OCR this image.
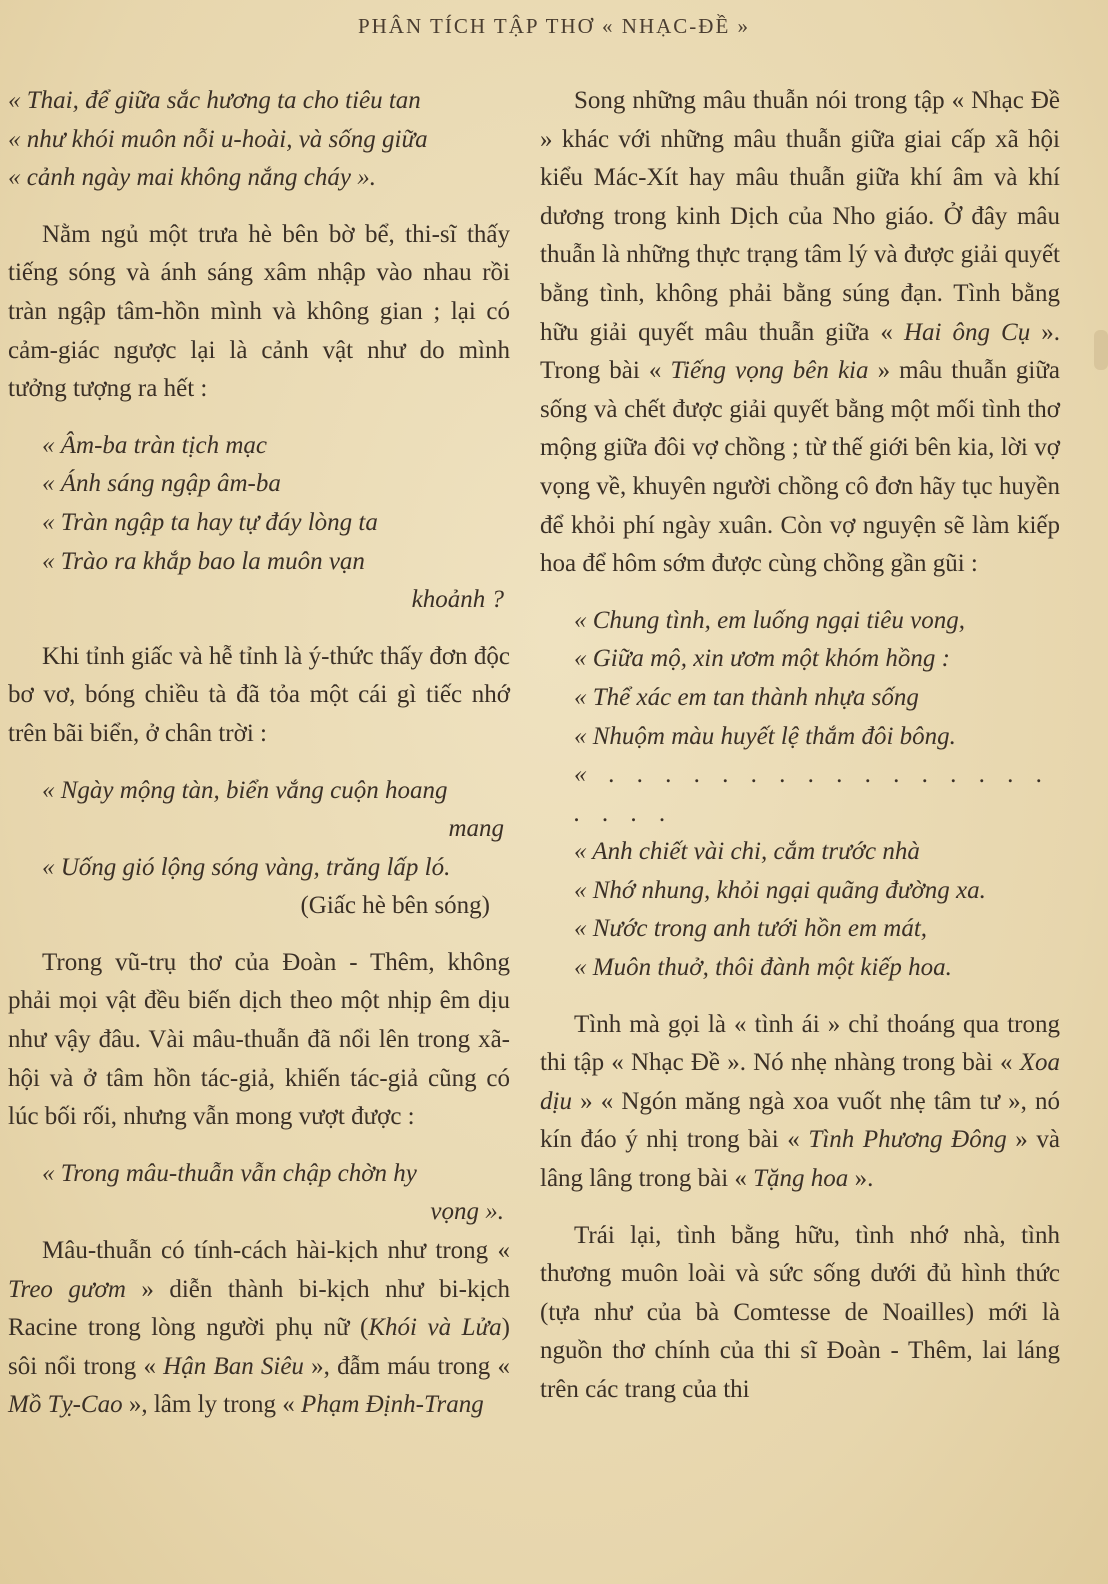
PHÂN TÍCH TẬP THƠ « NHẠC-ĐỀ »
« Thai, để giữa sắc hương ta cho tiêu tan
« như khói muôn nỗi u-hoài, và sống giữa
« cảnh ngày mai không nắng cháy ».

Nằm ngủ một trưa hè bên bờ bể, thi-sĩ thấy tiếng sóng và ánh sáng xâm nhập vào nhau rồi tràn ngập tâm-hồn mình và không gian ; lại có cảm-giác ngược lại là cảnh vật như do mình tưởng tượng ra hết :

« Âm-ba tràn tịch mạc
« Ánh sáng ngập âm-ba
« Tràn ngập ta hay tự đáy lòng ta
« Trào ra khắp bao la muôn vạn
khoảnh ?

Khi tỉnh giấc và hễ tỉnh là ý-thức thấy đơn độc bơ vơ, bóng chiều tà đã tỏa một cái gì tiếc nhớ trên bãi biển, ở chân trời :

« Ngày mộng tàn, biển vắng cuộn hoang
mang
« Uống gió lộng sóng vàng, trăng lấp ló.

(Giấc hè bên sóng)

Trong vũ-trụ thơ của Đoàn - Thêm, không phải mọi vật đều biến dịch theo một nhịp êm dịu như vậy đâu. Vài mâu-thuẫn đã nổi lên trong xã-hội và ở tâm hồn tác-giả, khiến tác-giả cũng có lúc bối rối, nhưng vẫn mong vượt được :

« Trong mâu-thuẫn vẫn chập chờn hy
vọng ».

Mâu-thuẫn có tính-cách hài-kịch như trong « Treo gươm » diễn thành bi-kịch như bi-kịch Racine trong lòng người phụ nữ (Khói và Lửa) sôi nổi trong « Hận Ban Siêu », đẫm máu trong « Mồ Tỵ-Cao », lâm ly trong « Phạm Định-Trang

Song những mâu thuẫn nói trong tập « Nhạc Đề » khác với những mâu thuẫn giữa giai cấp xã hội kiểu Mác-Xít hay mâu thuẫn giữa khí âm và khí dương trong kinh Dịch của Nho giáo. Ở đây mâu thuẫn là những thực trạng tâm lý và được giải quyết bằng tình, không phải bằng súng đạn. Tình bằng hữu giải quyết mâu thuẫn giữa « Hai ông Cụ ». Trong bài « Tiếng vọng bên kia » mâu thuẫn giữa sống và chết được giải quyết bằng một mối tình thơ mộng giữa đôi vợ chồng ; từ thế giới bên kia, lời vợ vọng về, khuyên người chồng cô đơn hãy tục huyền để khỏi phí ngày xuân. Còn vợ nguyện sẽ làm kiếp hoa để hôm sớm được cùng chồng gần gũi :

« Chung tình, em luống ngại tiêu vong,
« Giữa mộ, xin ươm một khóm hồng :
« Thể xác em tan thành nhựa sống
« Nhuộm màu huyết lệ thắm đôi bông.
« . . . . . . . . . . . . . . . . . . . .
« Anh chiết vài chi, cắm trước nhà
« Nhớ nhung, khỏi ngại quãng đường xa.
« Nước trong anh tưới hồn em mát,
« Muôn thuở, thôi đành một kiếp hoa.

Tình mà gọi là « tình ái » chỉ thoáng qua trong thi tập « Nhạc Đề ». Nó nhẹ nhàng trong bài « Xoa dịu » « Ngón măng ngà xoa vuốt nhẹ tâm tư », nó kín đáo ý nhị trong bài « Tình Phương Đông » và lâng lâng trong bài « Tặng hoa ».

Trái lại, tình bằng hữu, tình nhớ nhà, tình thương muôn loài và sức sống dưới đủ hình thức (tựa như của bà Comtesse de Noailles) mới là nguồn thơ chính của thi sĩ Đoàn - Thêm, lai láng trên các trang của thi
